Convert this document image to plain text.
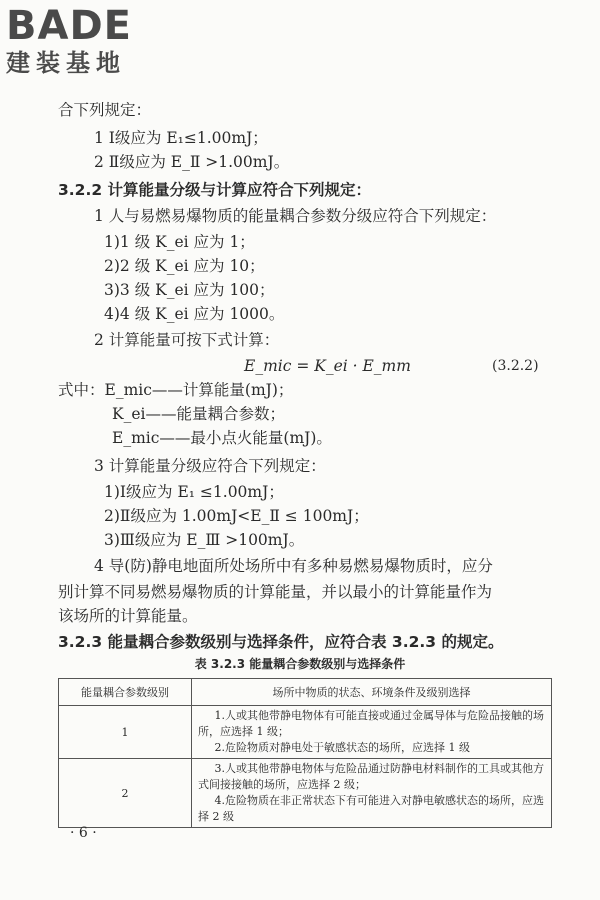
BADE
建装基地
合下列规定：
1 Ⅰ级应为 E₁≤1.00mJ；
2 Ⅱ级应为 E_Ⅱ >1.00mJ。
3.2.2 计算能量分级与计算应符合下列规定：
1 人与易燃易爆物质的能量耦合参数分级应符合下列规定：
1)1 级 K_ei 应为 1；
2)2 级 K_ei 应为 10；
3)3 级 K_ei 应为 100；
4)4 级 K_ei 应为 1000。
2 计算能量可按下式计算：
E_mic = K_ei · E_mm	(3.2.2)
式中：E_mic——计算能量(mJ)；
K_ei——能量耦合参数；
E_mic——最小点火能量(mJ)。
3 计算能量分级应符合下列规定：
1)Ⅰ级应为 E₁ ≤1.00mJ；
2)Ⅱ级应为 1.00mJ<E_Ⅱ ≤ 100mJ；
3)Ⅲ级应为 E_Ⅲ >100mJ。
4 导(防)静电地面所处场所中有多种易燃易爆物质时，应分
别计算不同易燃易爆物质的计算能量，并以最小的计算能量作为
该场所的计算能量。
3.2.3 能量耦合参数级别与选择条件，应符合表 3.2.3 的规定。
表 3.2.3 能量耦合参数级别与选择条件
能量耦合参数级别	场所中物质的状态、环境条件及级别选择
1	1.人或其他带静电物体有可能直接或通过金属导体与危险品接触的场所，应选择 1 级；

2.危险物质对静电处于敏感状态的场所，应选择 1 级

2	3.人或其他带静电物体与危险品通过防静电材料制作的工具或其他方式间接接触的场所，应选择 2 级；

4.危险物质在非正常状态下有可能进入对静电敏感状态的场所，应选择 2 级

· 6 ·
